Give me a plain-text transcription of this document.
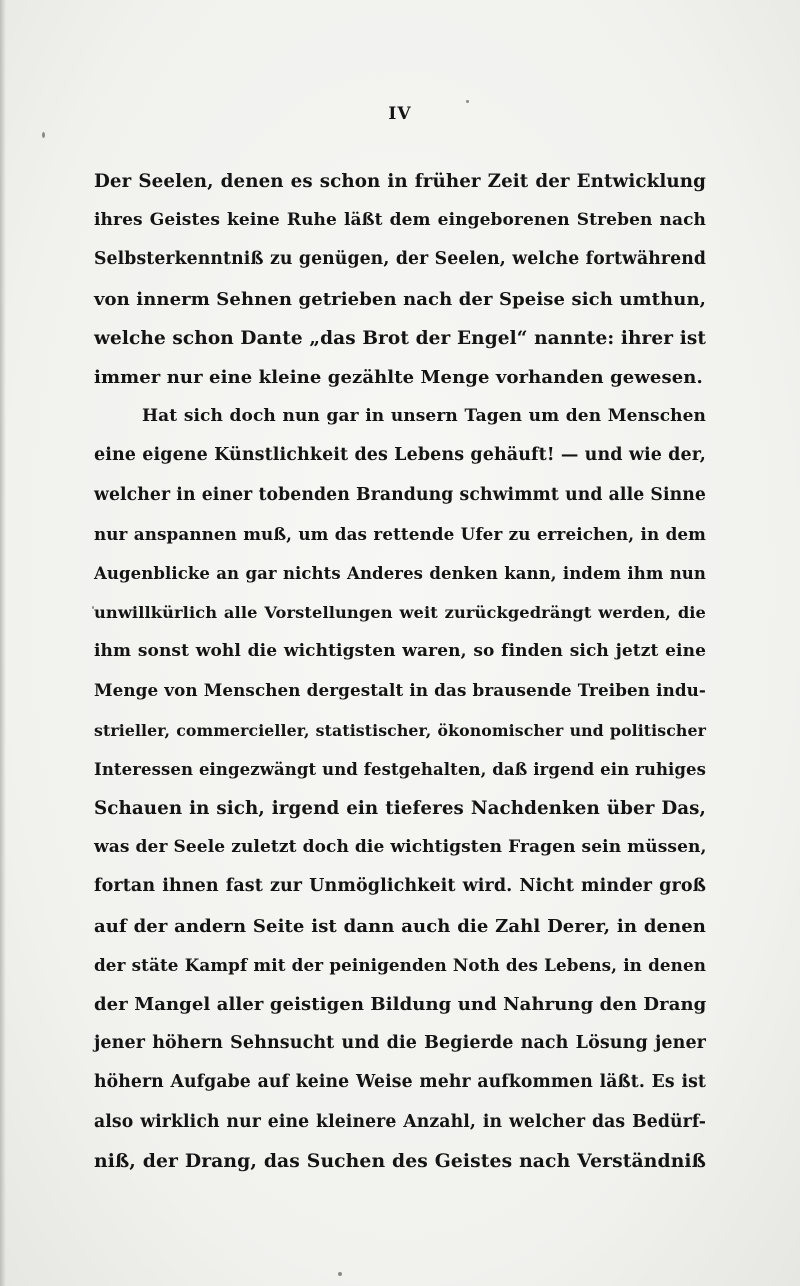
IV
Der Seelen, denen es schon in früher Zeit der Entwicklung
ihres Geistes keine Ruhe läßt dem eingeborenen Streben nach
Selbsterkenntniß zu genügen, der Seelen, welche fortwährend
von innerm Sehnen getrieben nach der Speise sich umthun,
welche schon Dante „das Brot der Engel“ nannte: ihrer ist
immer nur eine kleine gezählte Menge vorhanden gewesen.
Hat sich doch nun gar in unsern Tagen um den Menschen
eine eigene Künstlichkeit des Lebens gehäuft! — und wie der,
welcher in einer tobenden Brandung schwimmt und alle Sinne
nur anspannen muß, um das rettende Ufer zu erreichen, in dem
Augenblicke an gar nichts Anderes denken kann, indem ihm nun
unwillkürlich alle Vorstellungen weit zurückgedrängt werden, die
ihm sonst wohl die wichtigsten waren, so finden sich jetzt eine
Menge von Menschen dergestalt in das brausende Treiben indu-
strieller, commercieller, statistischer, ökonomischer und politischer
Interessen eingezwängt und festgehalten, daß irgend ein ruhiges
Schauen in sich, irgend ein tieferes Nachdenken über Das,
was der Seele zuletzt doch die wichtigsten Fragen sein müssen,
fortan ihnen fast zur Unmöglichkeit wird. Nicht minder groß
auf der andern Seite ist dann auch die Zahl Derer, in denen
der stäte Kampf mit der peinigenden Noth des Lebens, in denen
der Mangel aller geistigen Bildung und Nahrung den Drang
jener höhern Sehnsucht und die Begierde nach Lösung jener
höhern Aufgabe auf keine Weise mehr aufkommen läßt. Es ist
also wirklich nur eine kleinere Anzahl, in welcher das Bedürf-
niß, der Drang, das Suchen des Geistes nach Verständniß
